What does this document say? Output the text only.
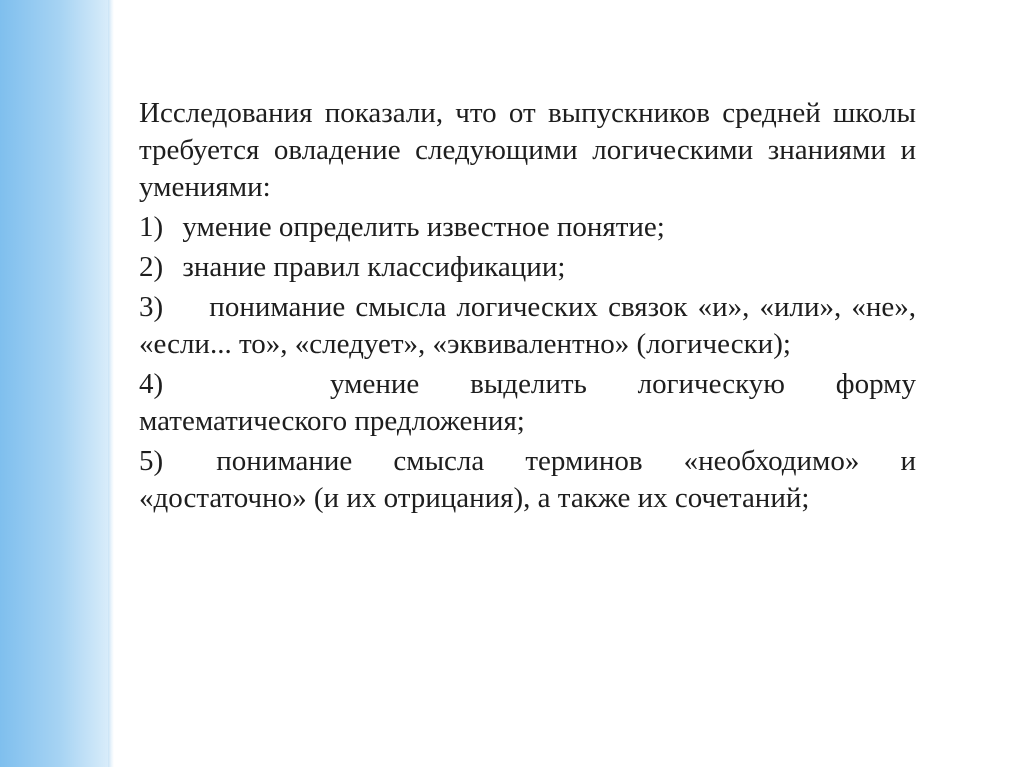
Исследования показали, что от выпускников средней школы требуется овладение следующими логическими знаниями и умениями:

1) умение определить известное понятие;

2) знание правил классификации;

3) понимание смысла логических связок «и», «или», «не», «если... то», «следует», «эквивалентно» (логически);

4)	умение выделить логическую форму математического предложения;

5) понимание смысла терминов «необходимо» и «достаточно» (и их отрицания), а также их сочетаний;
